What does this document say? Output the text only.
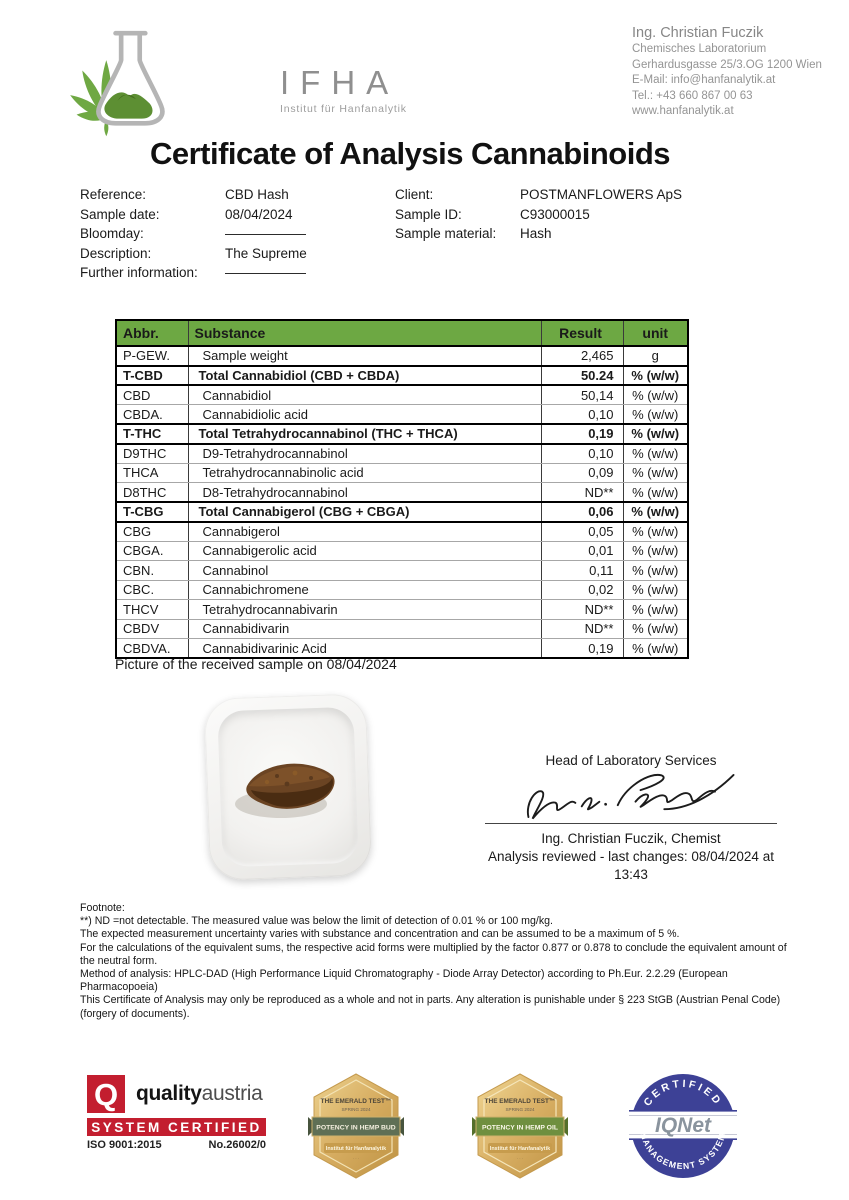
IFHA
Institut für Hanfanalytik
Ing. Christian Fuczik
Chemisches Laboratorium
Gerhardusgasse 25/3.OG 1200 Wien
E-Mail: info@hanfanalytik.at
Tel.: +43 660 867 00 63
www.hanfanalytik.at
Certificate of Analysis Cannabinoids
Reference:	CBD Hash
Sample date:	08/04/2024
Bloomday:	——————
Description:	The Supreme
Further information: ——————
Client:	POSTMANFLOWERS ApS
Sample ID:	C93000015
Sample material: Hash
Abbr.	Substance	Result	unit
P-GEW.	Sample weight	2,465	g
T-CBD	Total Cannabidiol (CBD + CBDA)	50.24	% (w/w)
CBD	Cannabidiol	50,14	% (w/w)
CBDA.	Cannabidiolic acid	0,10	% (w/w)
T-THC	Total Tetrahydrocannabinol (THC + THCA)	0,19	% (w/w)
D9THC	D9-Tetrahydrocannabinol	0,10	% (w/w)
THCA	Tetrahydrocannabinolic acid	0,09	% (w/w)
D8THC	D8-Tetrahydrocannabinol	ND**	% (w/w)
T-CBG	Total Cannabigerol (CBG + CBGA)	0,06	% (w/w)
CBG	Cannabigerol	0,05	% (w/w)
CBGA.	Cannabigerolic acid	0,01	% (w/w)
CBN.	Cannabinol	0,11	% (w/w)
CBC.	Cannabichromene	0,02	% (w/w)
THCV	Tetrahydrocannabivarin	ND**	% (w/w)
CBDV	Cannabidivarin	ND**	% (w/w)
CBDVA.	Cannabidivarinic Acid	0,19	% (w/w)
Picture of the received sample on 08/04/2024
Head of Laboratory Services
Ing. Christian Fuczik, Chemist
Analysis reviewed - last changes: 08/04/2024 at
13:43
Footnote:
**) ND =not detectable. The measured value was below the limit of detection of 0.01 % or 100 mg/kg.
The expected measurement uncertainty varies with substance and concentration and can be assumed to be a maximum of 5 %.
For the calculations of the equivalent sums, the respective acid forms were multiplied by the factor 0.877 or 0.878 to conclude the equivalent amount of the neutral form.
Method of analysis: HPLC-DAD (High Performance Liquid Chromatography - Diode Array Detector) according to Ph.Eur. 2.2.29 (European Pharmacopoeia)
This Certificate of Analysis may only be reproduced as a whole and not in parts. Any alteration is punishable under § 223 StGB (Austrian Penal Code) (forgery of documents).
Q qualityaustria
SYSTEM CERTIFIED
ISO 9001:2015	No.26002/0
THE EMERALD TEST™
SPRING 2024
POTENCY IN HEMP BUD
Institut für Hanfanalytik
· · ·
THE EMERALD TEST™
SPRING 2024
POTENCY IN HEMP OIL
Institut für Hanfanalytik
· · ·
IQNet
CERTIFIED
MANAGEMENT SYSTEM
